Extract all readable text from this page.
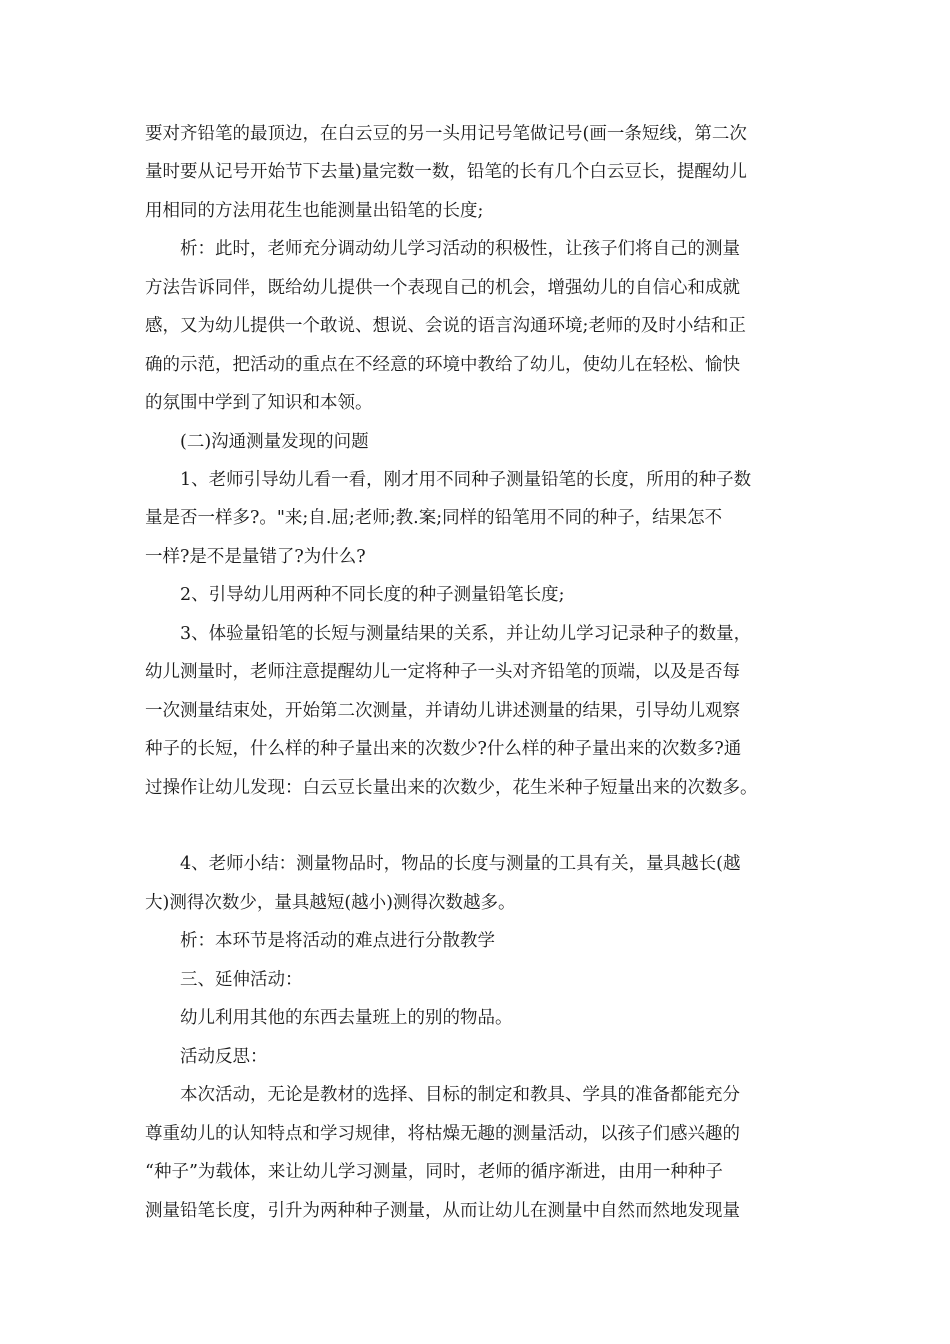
要对齐铅笔的最顶边，在白云豆的另一头用记号笔做记号(画一条短线，第二次
量时要从记号开始节下去量)量完数一数，铅笔的长有几个白云豆长，提醒幼儿
用相同的方法用花生也能测量出铅笔的长度;
析：此时，老师充分调动幼儿学习活动的积极性，让孩子们将自己的测量
方法告诉同伴，既给幼儿提供一个表现自己的机会，增强幼儿的自信心和成就
感，又为幼儿提供一个敢说、想说、会说的语言沟通环境;老师的及时小结和正
确的示范，把活动的重点在不经意的环境中教给了幼儿，使幼儿在轻松、愉快
的氛围中学到了知识和本领。
(二)沟通测量发现的问题
1、老师引导幼儿看一看，刚才用不同种子测量铅笔的长度，所用的种子数
量是否一样多?。"来;自.屈;老师;教.案;同样的铅笔用不同的种子，结果怎不
一样?是不是量错了?为什么?
2、引导幼儿用两种不同长度的种子测量铅笔长度;
3、体验量铅笔的长短与测量结果的关系，并让幼儿学习记录种子的数量，
幼儿测量时，老师注意提醒幼儿一定将种子一头对齐铅笔的顶端，以及是否每
一次测量结束处，开始第二次测量，并请幼儿讲述测量的结果，引导幼儿观察
种子的长短，什么样的种子量出来的次数少?什么样的种子量出来的次数多?通
过操作让幼儿发现：白云豆长量出来的次数少，花生米种子短量出来的次数多。
4、老师小结：测量物品时，物品的长度与测量的工具有关，量具越长(越
大)测得次数少，量具越短(越小)测得次数越多。
析：本环节是将活动的难点进行分散教学
三、延伸活动：
幼儿利用其他的东西去量班上的别的物品。
活动反思：
本次活动，无论是教材的选择、目标的制定和教具、学具的准备都能充分
尊重幼儿的认知特点和学习规律，将枯燥无趣的测量活动，以孩子们感兴趣的
“种子”为载体，来让幼儿学习测量，同时，老师的循序渐进，由用一种种子
测量铅笔长度，引升为两种种子测量，从而让幼儿在测量中自然而然地发现量
